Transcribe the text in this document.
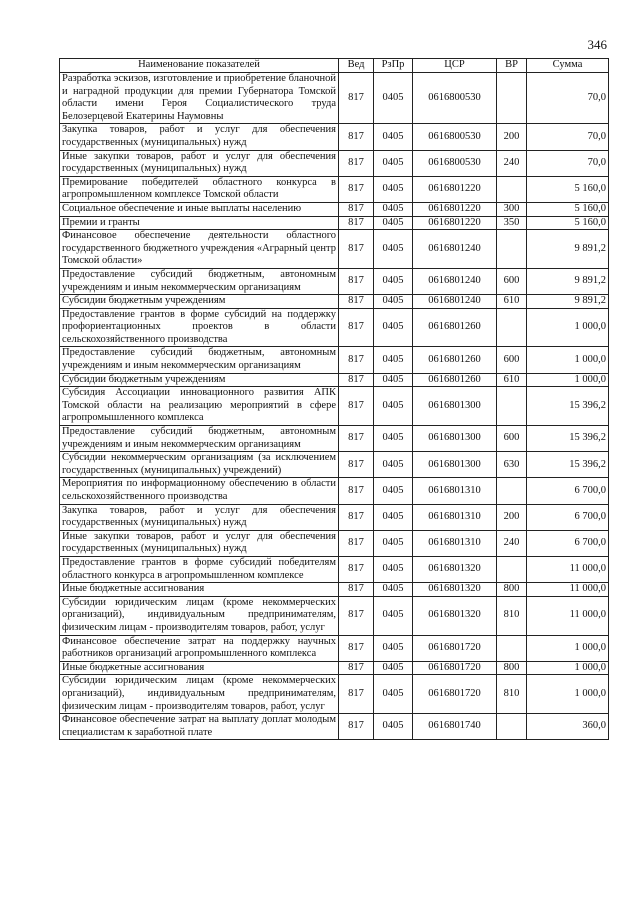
346
Наименование показателей	Вед	РзПр	ЦСР	ВР	Сумма
Разработка эскизов, изготовление и приобретение бланочной и наградной продукции для премии Губернатора Томской области имени Героя Социалистического труда Белозерцевой Екатерины Наумовны	817	0405	0616800530		70,0
Закупка товаров, работ и услуг для обеспечения государственных (муниципальных) нужд	817	0405	0616800530	200	70,0
Иные закупки товаров, работ и услуг для обеспечения государственных (муниципальных) нужд	817	0405	0616800530	240	70,0
Премирование победителей областного конкурса в агропромышленном комплексе Томской области	817	0405	0616801220		5 160,0
Социальное обеспечение и иные выплаты населению	817	0405	0616801220	300	5 160,0
Премии и гранты	817	0405	0616801220	350	5 160,0
Финансовое обеспечение деятельности областного государственного бюджетного учреждения «Аграрный центр Томской области»	817	0405	0616801240		9 891,2
Предоставление субсидий бюджетным, автономным учреждениям и иным некоммерческим организациям	817	0405	0616801240	600	9 891,2
Субсидии бюджетным учреждениям	817	0405	0616801240	610	9 891,2
Предоставление грантов в форме субсидий на поддержку профориентационных проектов в области сельскохозяйственного производства	817	0405	0616801260		1 000,0
Предоставление субсидий бюджетным, автономным учреждениям и иным некоммерческим организациям	817	0405	0616801260	600	1 000,0
Субсидии бюджетным учреждениям	817	0405	0616801260	610	1 000,0
Субсидия Ассоциации инновационного развития АПК Томской области на реализацию мероприятий в сфере агропромышленного комплекса	817	0405	0616801300		15 396,2
Предоставление субсидий бюджетным, автономным учреждениям и иным некоммерческим организациям	817	0405	0616801300	600	15 396,2
Субсидии некоммерческим организациям (за исключением государственных (муниципальных) учреждений)	817	0405	0616801300	630	15 396,2
Мероприятия по информационному обеспечению в области сельскохозяйственного производства	817	0405	0616801310		6 700,0
Закупка товаров, работ и услуг для обеспечения государственных (муниципальных) нужд	817	0405	0616801310	200	6 700,0
Иные закупки товаров, работ и услуг для обеспечения государственных (муниципальных) нужд	817	0405	0616801310	240	6 700,0
Предоставление грантов в форме субсидий победителям областного конкурса в агропромышленном комплексе	817	0405	0616801320		11 000,0
Иные бюджетные ассигнования	817	0405	0616801320	800	11 000,0
Субсидии юридическим лицам (кроме некоммерческих организаций), индивидуальным предпринимателям, физическим лицам - производителям товаров, работ, услуг	817	0405	0616801320	810	11 000,0
Финансовое обеспечение затрат на поддержку научных работников организаций агропромышленного комплекса	817	0405	0616801720		1 000,0
Иные бюджетные ассигнования	817	0405	0616801720	800	1 000,0
Субсидии юридическим лицам (кроме некоммерческих организаций), индивидуальным предпринимателям, физическим лицам - производителям товаров, работ, услуг	817	0405	0616801720	810	1 000,0
Финансовое обеспечение затрат на выплату доплат молодым специалистам к заработной плате	817	0405	0616801740		360,0
